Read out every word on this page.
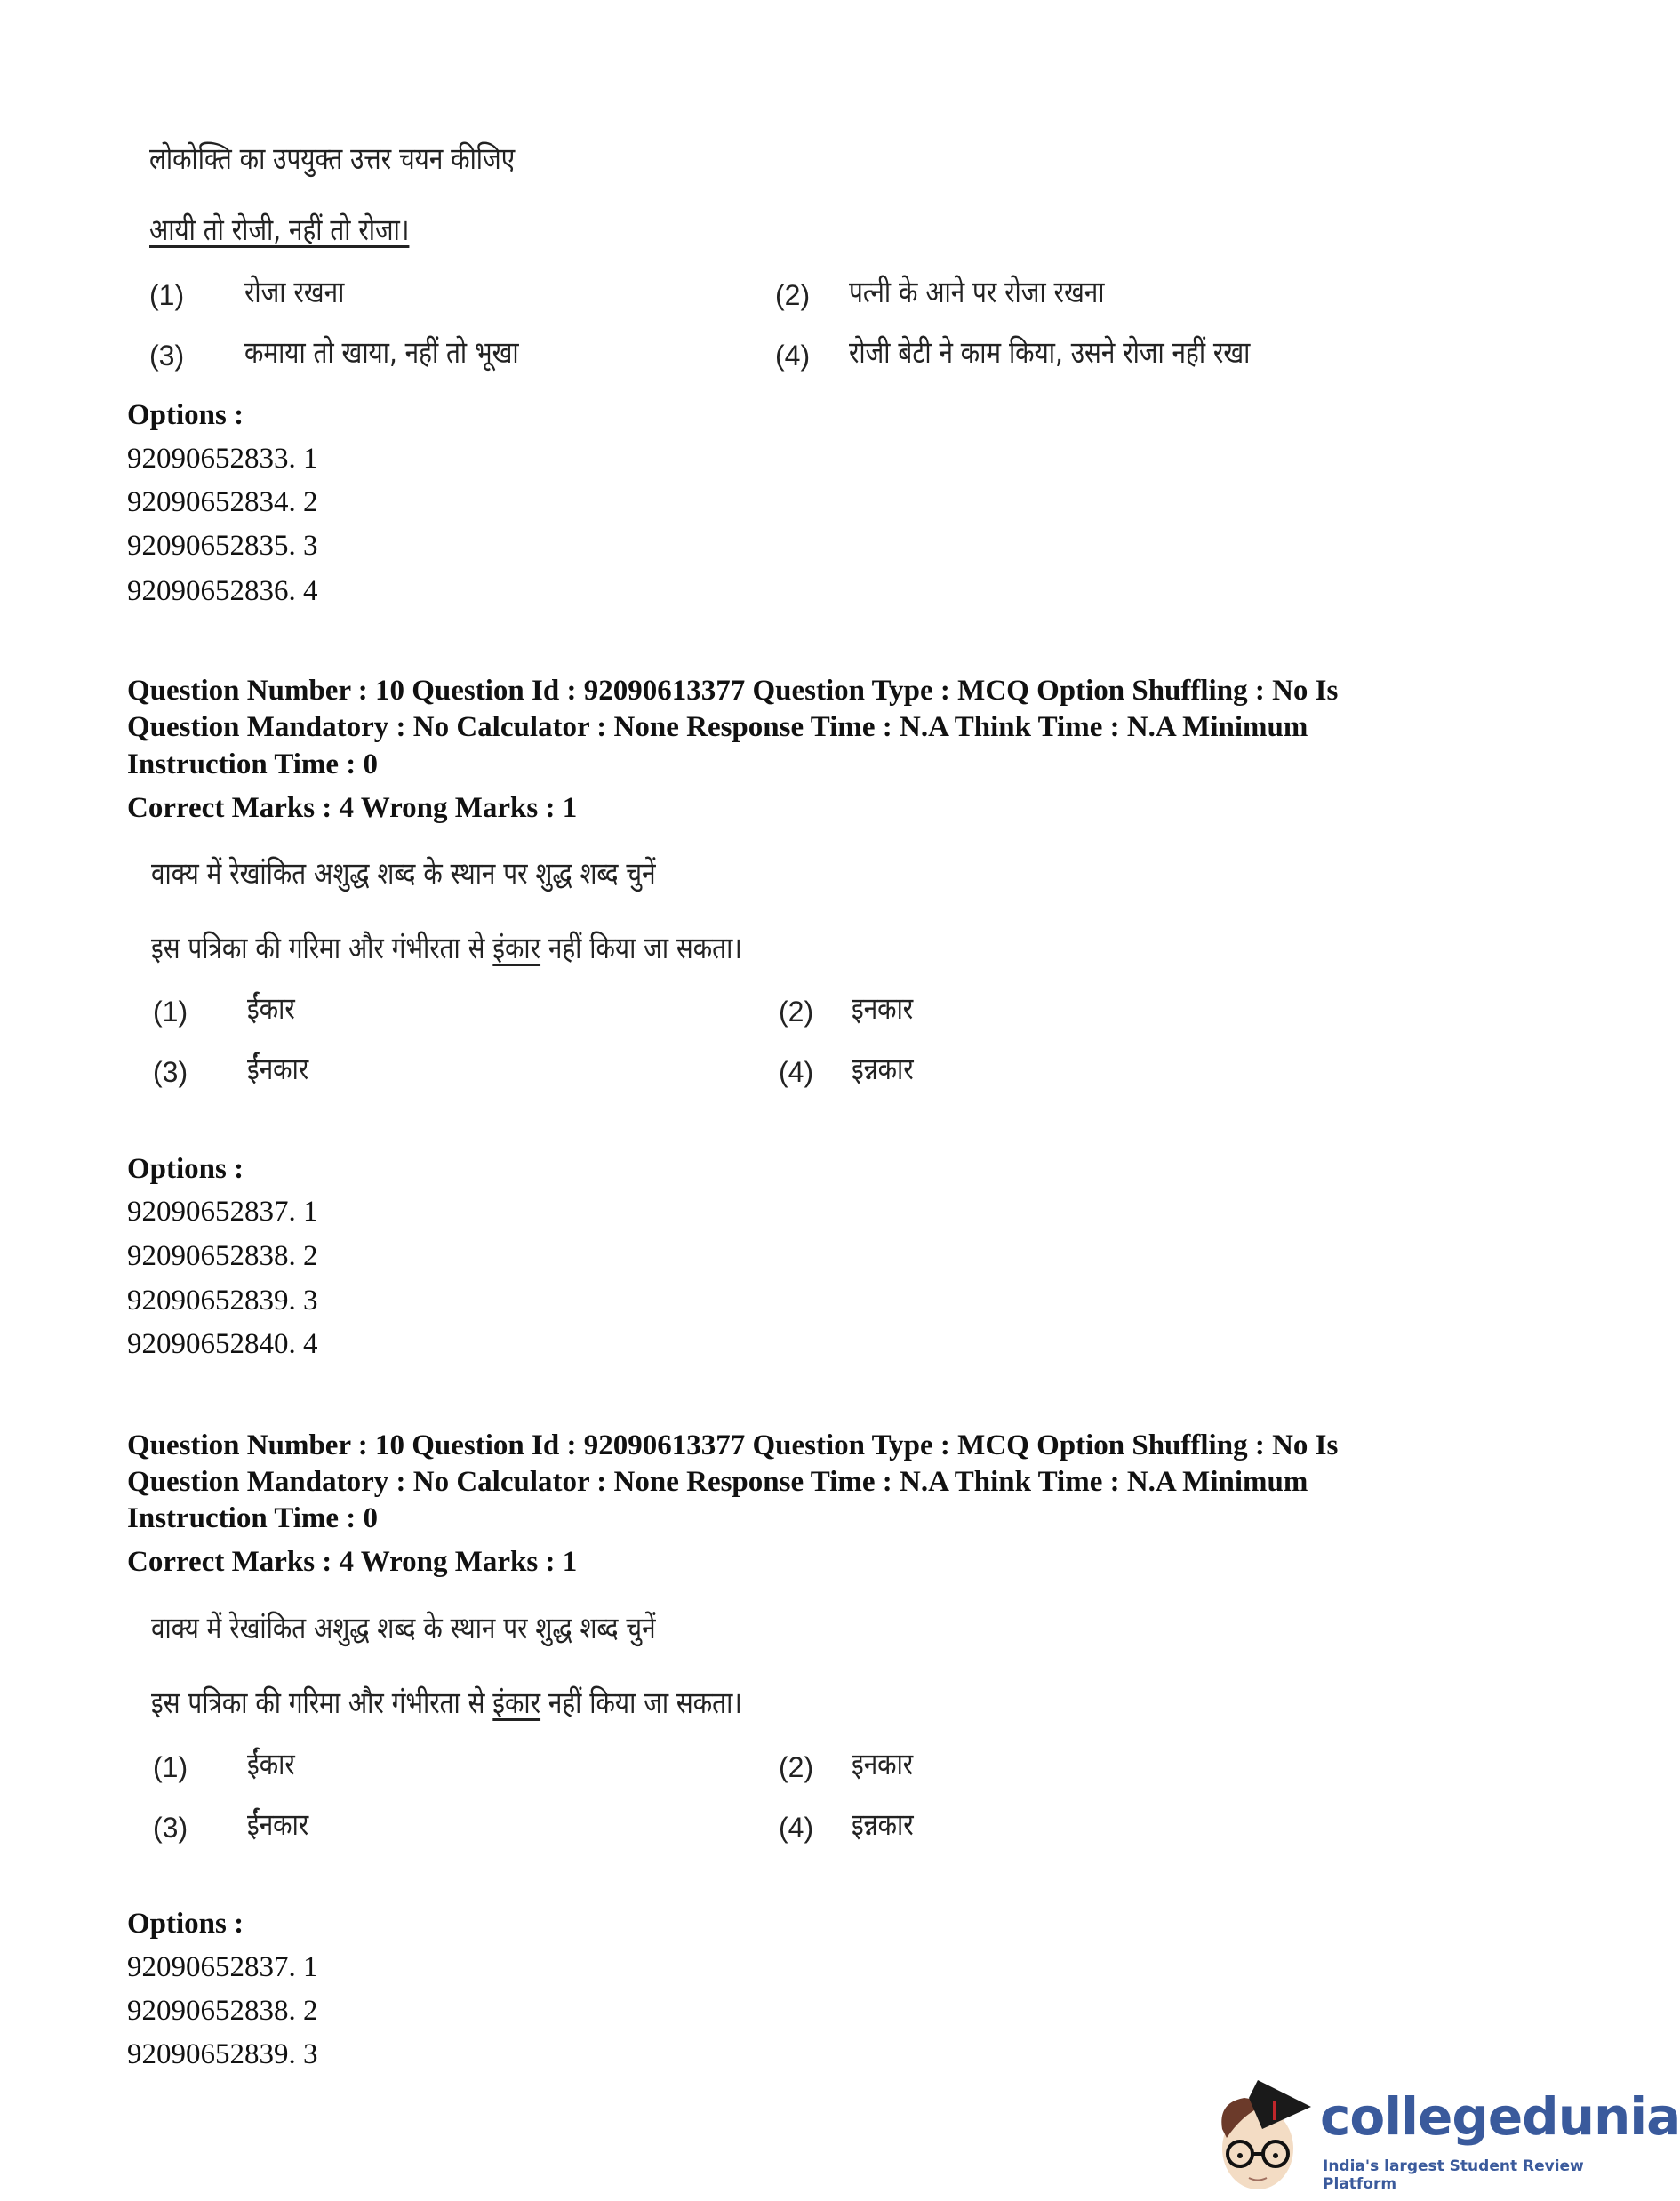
लोकोक्ति का उपयुक्त उत्तर चयन कीजिए
आयी तो रोजी, नहीं तो रोजा।
(1) रोजा रखना	(2) पत्नी के आने पर रोजा रखना
(3) कमाया तो खाया, नहीं तो भूखा	(4) रोजी बेटी ने काम किया, उसने रोजा नहीं रखा
Options :
92090652833. 1
92090652834. 2
92090652835. 3
92090652836. 4
Question Number : 10 Question Id : 92090613377 Question Type : MCQ Option Shuffling : No Is
Question Mandatory : No Calculator : None Response Time : N.A Think Time : N.A Minimum
Instruction Time : 0
Correct Marks : 4 Wrong Marks : 1
वाक्य में रेखांकित अशुद्ध शब्द के स्थान पर शुद्ध शब्द चुनें
इस पत्रिका की गरिमा और गंभीरता से इंकार नहीं किया जा सकता।
(1) ईंकार	(2) इनकार
(3) ईंनकार	(4) इन्नकार
Options :
92090652837. 1
92090652838. 2
92090652839. 3
92090652840. 4
Question Number : 10 Question Id : 92090613377 Question Type : MCQ Option Shuffling : No Is
Question Mandatory : No Calculator : None Response Time : N.A Think Time : N.A Minimum
Instruction Time : 0
Correct Marks : 4 Wrong Marks : 1
वाक्य में रेखांकित अशुद्ध शब्द के स्थान पर शुद्ध शब्द चुनें
इस पत्रिका की गरिमा और गंभीरता से इंकार नहीं किया जा सकता।
(1) ईंकार	(2) इनकार
(3) ईंनकार	(4) इन्नकार
Options :
92090652837. 1
92090652838. 2
92090652839. 3
collegedunia
India's largest Student Review Platform
